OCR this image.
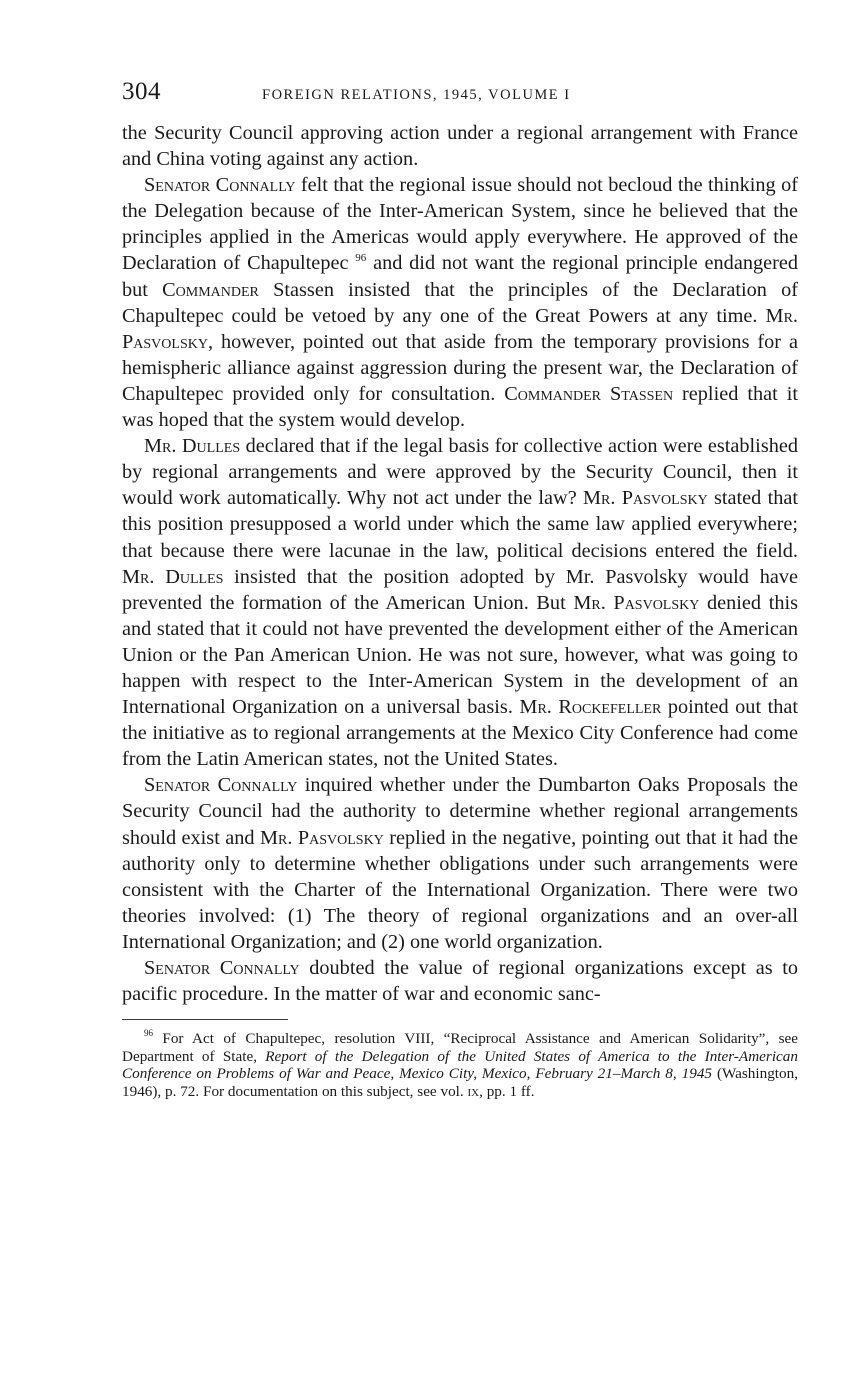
304	FOREIGN RELATIONS, 1945, VOLUME I

the Security Council approving action under a regional arrangement with France and China voting against any action.

Senator Connally felt that the regional issue should not becloud the thinking of the Delegation because of the Inter-American System, since he believed that the principles applied in the Americas would apply everywhere. He approved of the Declaration of Chapultepec $^{96}$ and did not want the regional principle endangered but Commander Stassen insisted that the principles of the Declaration of Chapultepec could be vetoed by any one of the Great Powers at any time. Mr. Pasvolsky, however, pointed out that aside from the temporary provisions for a hemispheric alliance against aggression during the present war, the Declaration of Chapultepec provided only for consultation. Commander Stassen replied that it was hoped that the system would develop.

Mr. Dulles declared that if the legal basis for collective action were established by regional arrangements and were approved by the Security Council, then it would work automatically. Why not act under the law? Mr. Pasvolsky stated that this position presupposed a world under which the same law applied everywhere; that because there were lacunae in the law, political decisions entered the field. Mr. Dulles insisted that the position adopted by Mr. Pasvolsky would have prevented the formation of the American Union. But Mr. Pasvolsky denied this and stated that it could not have prevented the development either of the American Union or the Pan American Union. He was not sure, however, what was going to happen with respect to the Inter-American System in the development of an International Organization on a universal basis. Mr. Rockefeller pointed out that the initiative as to regional arrangements at the Mexico City Conference had come from the Latin American states, not the United States.

Senator Connally inquired whether under the Dumbarton Oaks Proposals the Security Council had the authority to determine whether regional arrangements should exist and Mr. Pasvolsky replied in the negative, pointing out that it had the authority only to determine whether obligations under such arrangements were consistent with the Charter of the International Organization. There were two theories involved: (1) The theory of regional organizations and an over-all International Organization; and (2) one world organization.

Senator Connally doubted the value of regional organizations except as to pacific procedure. In the matter of war and economic sanc-

$^{96}$ For Act of Chapultepec, resolution VIII, “Reciprocal Assistance and American Solidarity”, see Department of State, Report of the Delegation of the United States of America to the Inter-American Conference on Problems of War and Peace, Mexico City, Mexico, February 21–March 8, 1945 (Washington, 1946), p. 72. For documentation on this subject, see vol. ix, pp. 1 ff.
